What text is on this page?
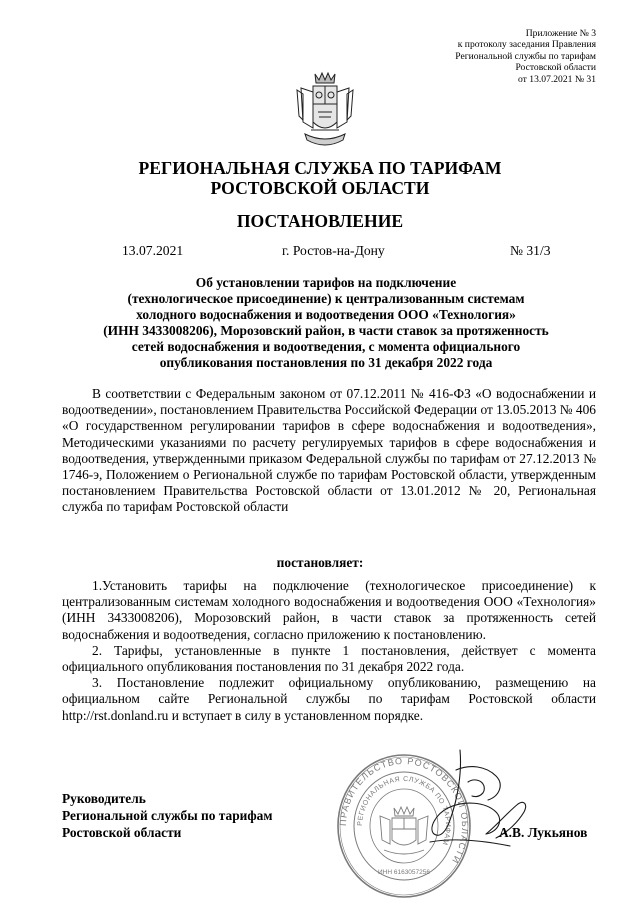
Приложение № 3
к протоколу заседания Правления
Региональной службы по тарифам
Ростовской области
от 13.07.2021 № 31
РЕГИОНАЛЬНАЯ СЛУЖБА ПО ТАРИФАМ
РОСТОВСКОЙ ОБЛАСТИ
ПОСТАНОВЛЕНИЕ
13.07.2021	г. Ростов-на-Дону	№ 31/3
Об установлении тарифов на подключение
(технологическое присоединение) к централизованным системам
холодного водоснабжения и водоотведения ООО «Технология»
(ИНН 3433008206), Морозовский район, в части ставок за протяженность
сетей водоснабжения и водоотведения, с момента официального
опубликования постановления по 31 декабря 2022 года
В соответствии с Федеральным законом от 07.12.2011 № 416-ФЗ «О водоснабжении и водоотведении», постановлением Правительства Российской Федерации от 13.05.2013 № 406 «О государственном регулировании тарифов в сфере водоснабжения и водоотведения», Методическими указаниями по расчету регулируемых тарифов в сфере водоснабжения и водоотведения, утвержденными приказом Федеральной службы по тарифам от 27.12.2013 № 1746-э, Положением о Региональной службе по тарифам Ростовской области, утвержденным постановлением Правительства Ростовской области от 13.01.2012 № 20, Региональная служба по тарифам Ростовской области
постановляет:
1.Установить тарифы на подключение (технологическое присоединение) к централизованным системам холодного водоснабжения и водоотведения ООО «Технология» (ИНН 3433008206), Морозовский район, в части ставок за протяженность сетей водоснабжения и водоотведения, согласно приложению к постановлению.
2. Тарифы, установленные в пункте 1 постановления, действует с момента официального опубликования постановления по 31 декабря 2022 года.
3. Постановление подлежит официальному опубликованию, размещению на официальном сайте Региональной службы по тарифам Ростовской области http://rst.donland.ru и вступает в силу в установленном порядке.
ПРАВИТЕЛЬСТВО РОСТОВСКОЙ ОБЛАСТИ
РЕГИОНАЛЬНАЯ СЛУЖБА ПО ТАРИФАМ
ИНН 6163057256
Руководитель
Региональной службы по тарифам
Ростовской области	А.В. Лукьянов
